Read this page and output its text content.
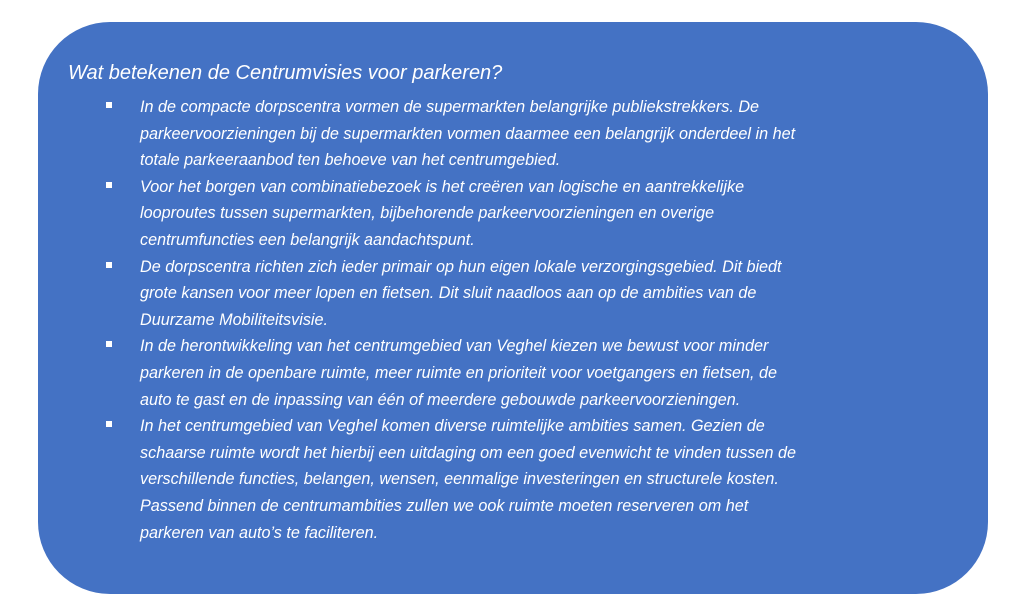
Wat betekenen de Centrumvisies voor parkeren?
In de compacte dorpscentra vormen de supermarkten belangrijke publiekstrekkers. De
parkeervoorzieningen bij de supermarkten vormen daarmee een belangrijk onderdeel in het
totale parkeeraanbod ten behoeve van het centrumgebied.
Voor het borgen van combinatiebezoek is het creëren van logische en aantrekkelijke
looproutes tussen supermarkten, bijbehorende parkeervoorzieningen en overige
centrumfuncties een belangrijk aandachtspunt.
De dorpscentra richten zich ieder primair op hun eigen lokale verzorgingsgebied. Dit biedt
grote kansen voor meer lopen en fietsen. Dit sluit naadloos aan op de ambities van de
Duurzame Mobiliteitsvisie.
In de herontwikkeling van het centrumgebied van Veghel kiezen we bewust voor minder
parkeren in de openbare ruimte, meer ruimte en prioriteit voor voetgangers en fietsen, de
auto te gast en de inpassing van één of meerdere gebouwde parkeervoorzieningen.
In het centrumgebied van Veghel komen diverse ruimtelijke ambities samen. Gezien de
schaarse ruimte wordt het hierbij een uitdaging om een goed evenwicht te vinden tussen de
verschillende functies, belangen, wensen, eenmalige investeringen en structurele kosten.
Passend binnen de centrumambities zullen we ook ruimte moeten reserveren om het
parkeren van auto’s te faciliteren.
